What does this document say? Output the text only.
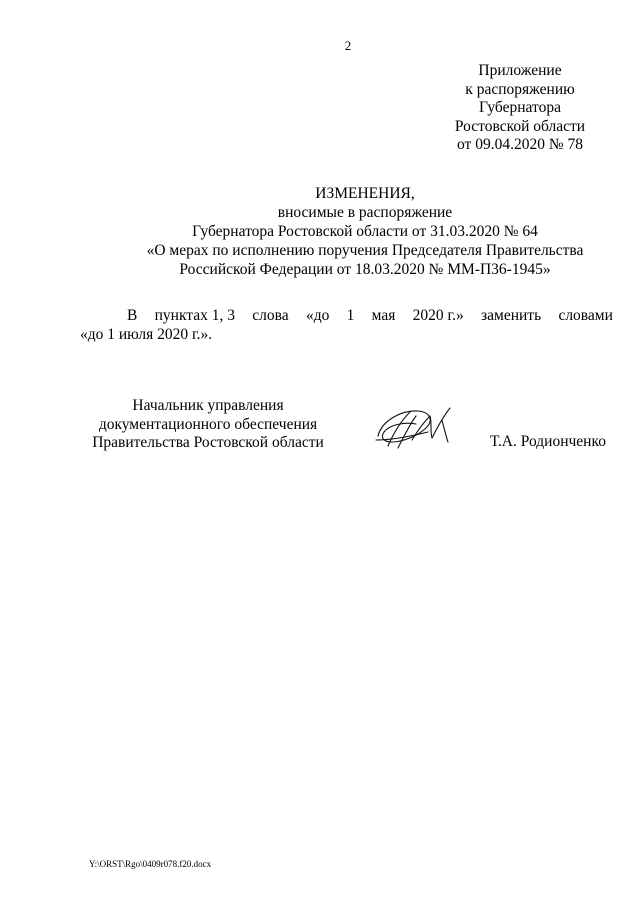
2
Приложение
к распоряжению
Губернатора
Ростовской области
от 09.04.2020 № 78
ИЗМЕНЕНИЯ,
вносимые в распоряжение
Губернатора Ростовской области от 31.03.2020 № 64
«О мерах по исполнению поручения Председателя Правительства
Российской Федерации от 18.03.2020 № ММ-П36-1945»
В пунктах 1, 3 слова «до 1 мая 2020 г.» заменить словами
«до 1 июля 2020 г.».
Начальник управления
документационного обеспечения
Правительства Ростовской области	Т.А. Родионченко
Y:\ORST\Rgo\0409r078.f20.docx
